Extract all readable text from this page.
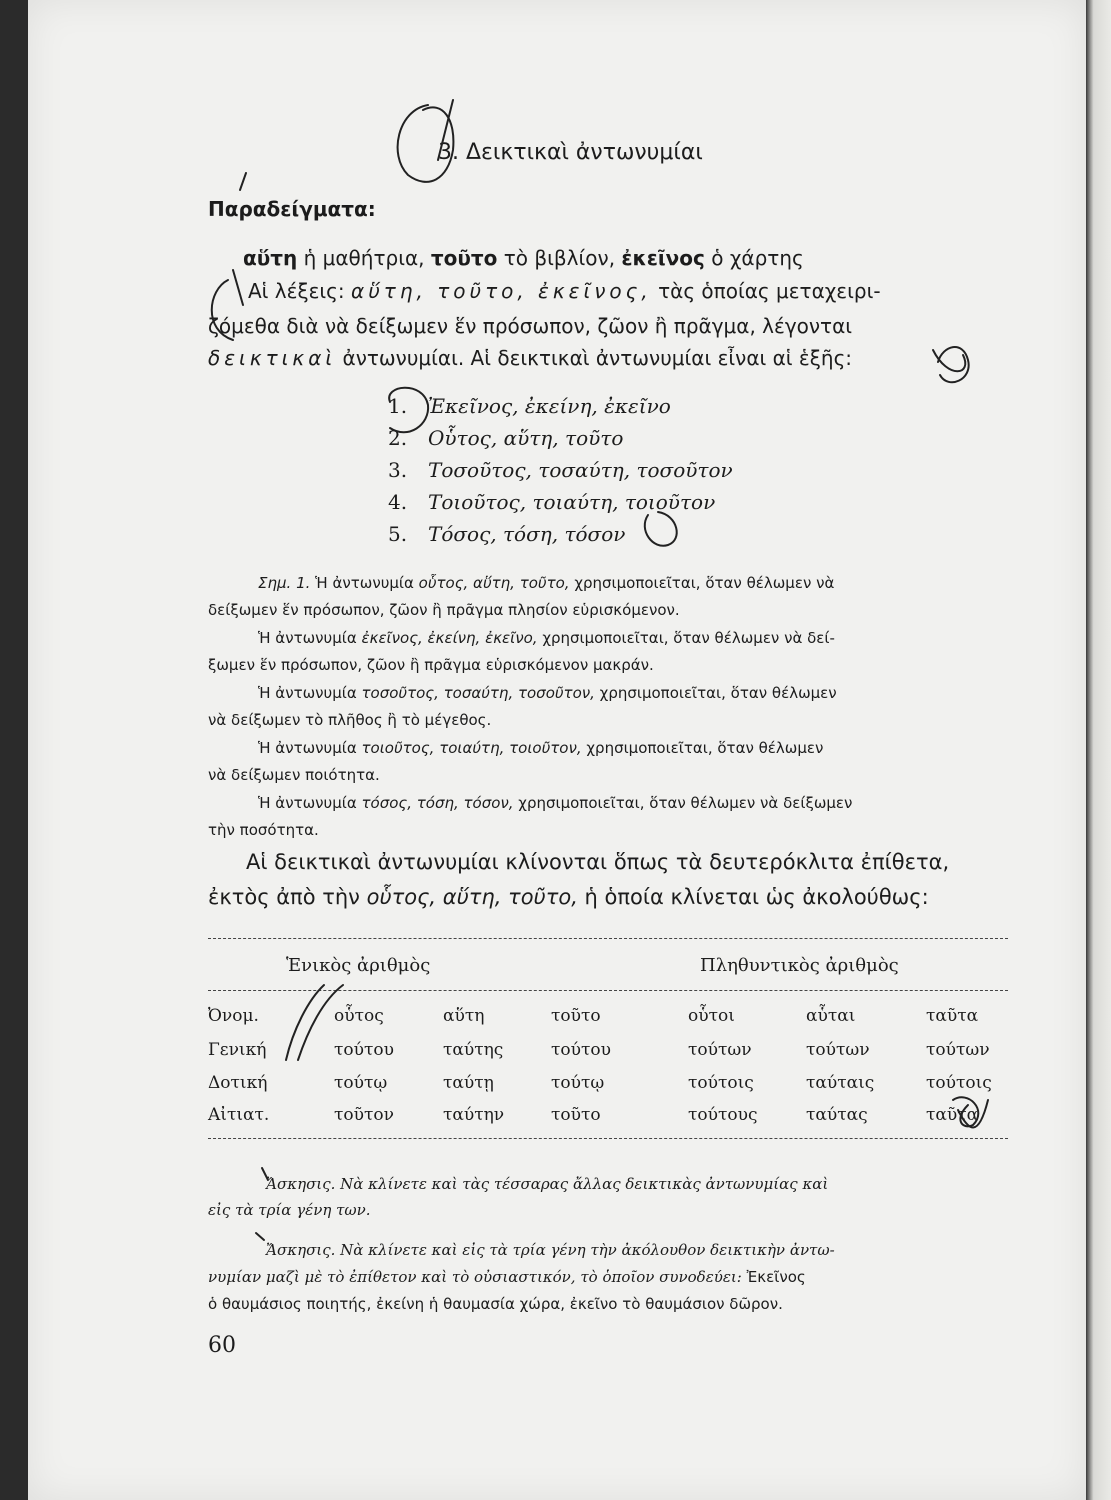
3. Δεικτικαὶ ἀντωνυμίαι
Παραδείγματα:
αὕτη ἡ μαθήτρια, τοῦτο τὸ βιβλίον, ἐκεῖνος ὁ χάρτης
Αἱ λέξεις: αὕτη, τοῦτο, ἐκεῖνος, τὰς ὁποίας μεταχειρι-
ζόμεθα διὰ νὰ δείξωμεν ἕν πρόσωπον, ζῶον ἢ πρᾶγμα, λέγονται
δεικτικαὶ ἀντωνυμίαι. Αἱ δεικτικαὶ ἀντωνυμίαι εἶναι αἱ ἑξῆς:
1. Ἐκεῖνος, ἐκείνη, ἐκεῖνο
2. Οὗτος, αὕτη, τοῦτο
3. Τοσοῦτος, τοσαύτη, τοσοῦτον
4. Τοιοῦτος, τοιαύτη, τοιοῦτον
5. Τόσος, τόση, τόσον
Σημ. 1. Ἡ ἀντωνυμία οὗτος, αὕτη, τοῦτο, χρησιμοποιεῖται, ὅταν θέλωμεν νὰ
δείξωμεν ἕν πρόσωπον, ζῶον ἢ πρᾶγμα πλησίον εὑρισκόμενον.
Ἡ ἀντωνυμία ἐκεῖνος, ἐκείνη, ἐκεῖνο, χρησιμοποιεῖται, ὅταν θέλωμεν νὰ δεί-
ξωμεν ἕν πρόσωπον, ζῶον ἢ πρᾶγμα εὑρισκόμενον μακράν.
Ἡ ἀντωνυμία τοσοῦτος, τοσαύτη, τοσοῦτον, χρησιμοποιεῖται, ὅταν θέλωμεν
νὰ δείξωμεν τὸ πλῆθος ἢ τὸ μέγεθος.
Ἡ ἀντωνυμία τοιοῦτος, τοιαύτη, τοιοῦτον, χρησιμοποιεῖται, ὅταν θέλωμεν
νὰ δείξωμεν ποιότητα.
Ἡ ἀντωνυμία τόσος, τόση, τόσον, χρησιμοποιεῖται, ὅταν θέλωμεν νὰ δείξωμεν
τὴν ποσότητα.
Αἱ δεικτικαὶ ἀντωνυμίαι κλίνονται ὅπως τὰ δευτερόκλιτα ἐπίθετα,
ἐκτὸς ἀπὸ τὴν οὗτος, αὕτη, τοῦτο, ἡ ὁποία κλίνεται ὡς ἀκολούθως:
Ἑνικὸς ἀριθμὸς	Πληθυντικὸς ἀριθμὸς
Ὀνομ.	οὗτος	αὕτη	τοῦτο	οὗτοι	αὗται	ταῦτα
Γενική	τούτου	ταύτης	τούτου	τούτων	τούτων	τούτων
Δοτική	τούτῳ	ταύτῃ	τούτῳ	τούτοις	ταύταις	τούτοις
Αἰτιατ.	τοῦτον	ταύτην	τοῦτο	τούτους	ταύτας	ταῦτα
Ἄσκησις. Νὰ κλίνετε καὶ τὰς τέσσαρας ἄλλας δεικτικὰς ἀντωνυμίας καὶ
εἰς τὰ τρία γένη των.
Ἄσκησις. Νὰ κλίνετε καὶ εἰς τὰ τρία γένη τὴν ἀκόλουθον δεικτικὴν ἀντω-
νυμίαν μαζὶ μὲ τὸ ἐπίθετον καὶ τὸ οὐσιαστικόν, τὸ ὁποῖον συνοδεύει: Ἐκεῖνος
ὁ θαυμάσιος ποιητής, ἐκείνη ἡ θαυμασία χώρα, ἐκεῖνο τὸ θαυμάσιον δῶρον.
60
